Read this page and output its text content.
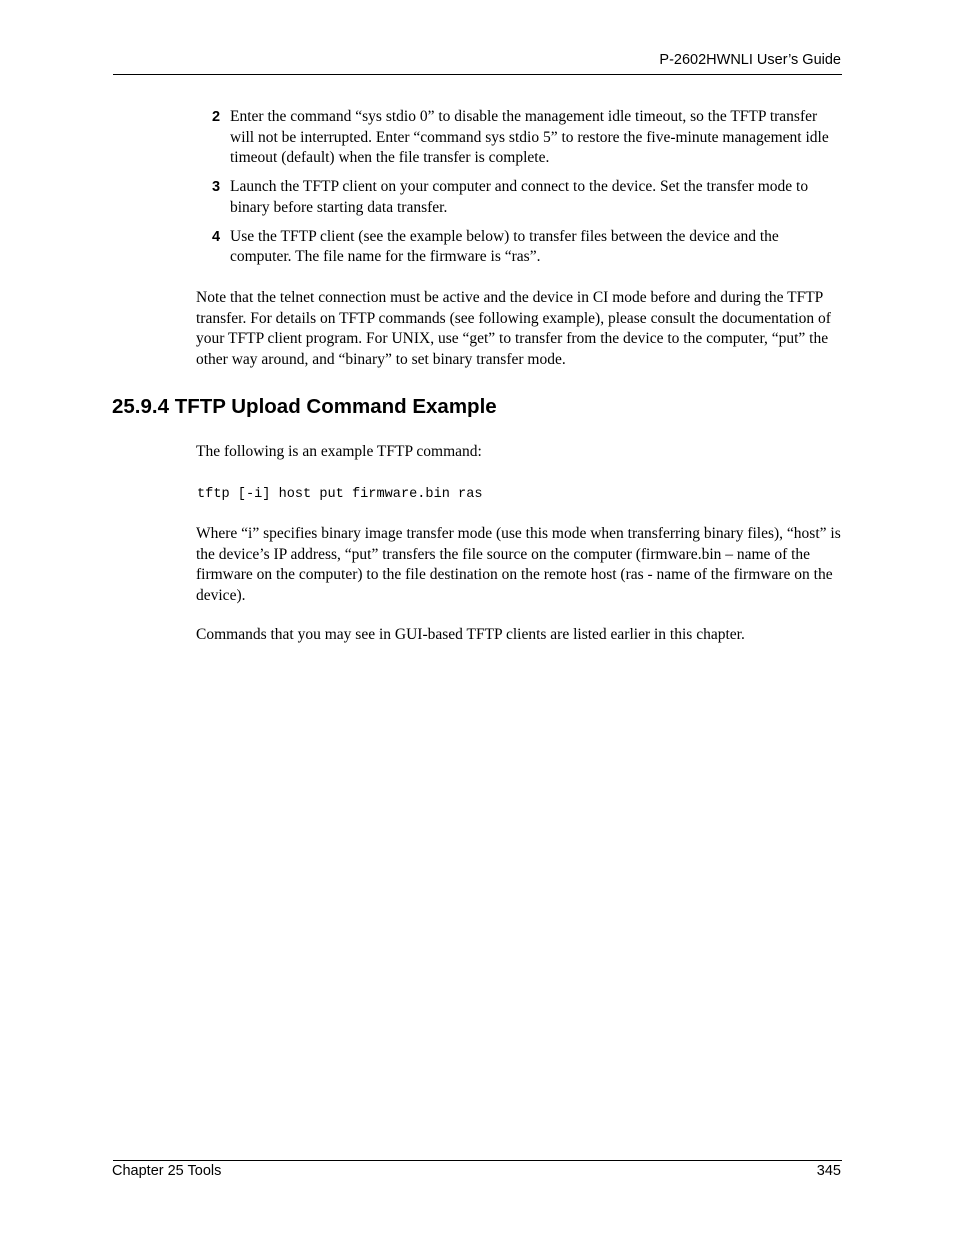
P-2602HWNLI User’s Guide
2 Enter the command “sys stdio 0” to disable the management idle timeout, so the TFTP transfer will not be interrupted. Enter “command sys stdio 5” to restore the five-minute management idle timeout (default) when the file transfer is complete.
3 Launch the TFTP client on your computer and connect to the device. Set the transfer mode to binary before starting data transfer.
4 Use the TFTP client (see the example below) to transfer files between the device and the computer. The file name for the firmware is “ras”.

Note that the telnet connection must be active and the device in CI mode before and during the TFTP transfer. For details on TFTP commands (see following example), please consult the documentation of your TFTP client program. For UNIX, use “get” to transfer from the device to the computer, “put” the other way around, and “binary” to set binary transfer mode.

25.9.4 TFTP Upload Command Example

The following is an example TFTP command:

tftp [-i] host put firmware.bin ras

Where “i” specifies binary image transfer mode (use this mode when transferring binary files), “host” is the device’s IP address, “put” transfers the file source on the computer (firmware.bin – name of the firmware on the computer) to the file destination on the remote host (ras - name of the firmware on the device).

Commands that you may see in GUI-based TFTP clients are listed earlier in this chapter.

Chapter 25 Tools	345
